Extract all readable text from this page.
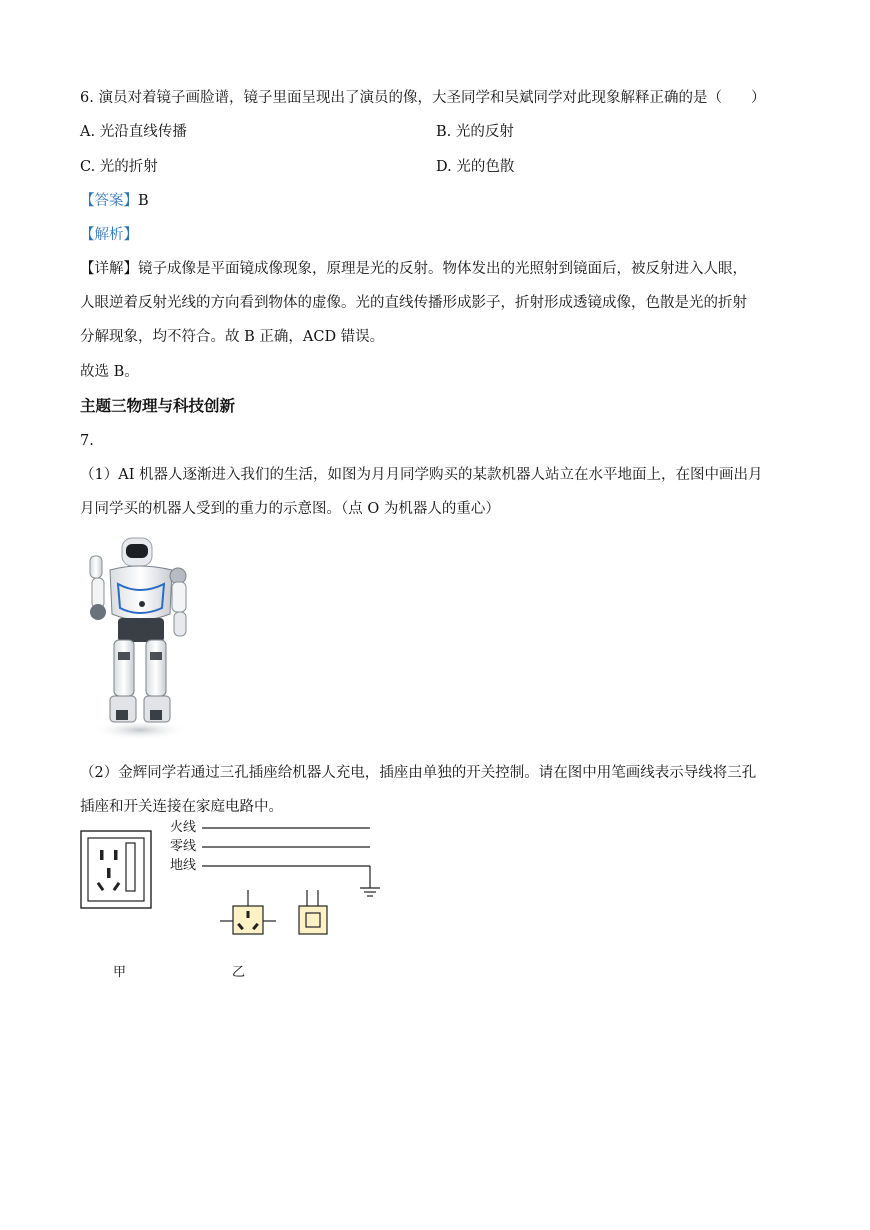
6. 演员对着镜子画脸谱，镜子里面呈现出了演员的像，大圣同学和吴斌同学对此现象解释正确的是（　　）
A. 光沿直线传播	B. 光的反射
C. 光的折射	D. 光的色散
【答案】B
【解析】
【详解】镜子成像是平面镜成像现象，原理是光的反射。物体发出的光照射到镜面后，被反射进入人眼，
人眼逆着反射光线的方向看到物体的虚像。光的直线传播形成影子，折射形成透镜成像，色散是光的折射
分解现象，均不符合。故 B 正确，ACD 错误。
故选 B。
主题三物理与科技创新
7.
（1）AI 机器人逐渐进入我们的生活，如图为月月同学购买的某款机器人站立在水平地面上，在图中画出月
月同学买的机器人受到的重力的示意图。（点 O 为机器人的重心）
（2）金辉同学若通过三孔插座给机器人充电，插座由单独的开关控制。请在图中用笔画线表示导线将三孔
插座和开关连接在家庭电路中。
火线
零线
地线
甲	乙
